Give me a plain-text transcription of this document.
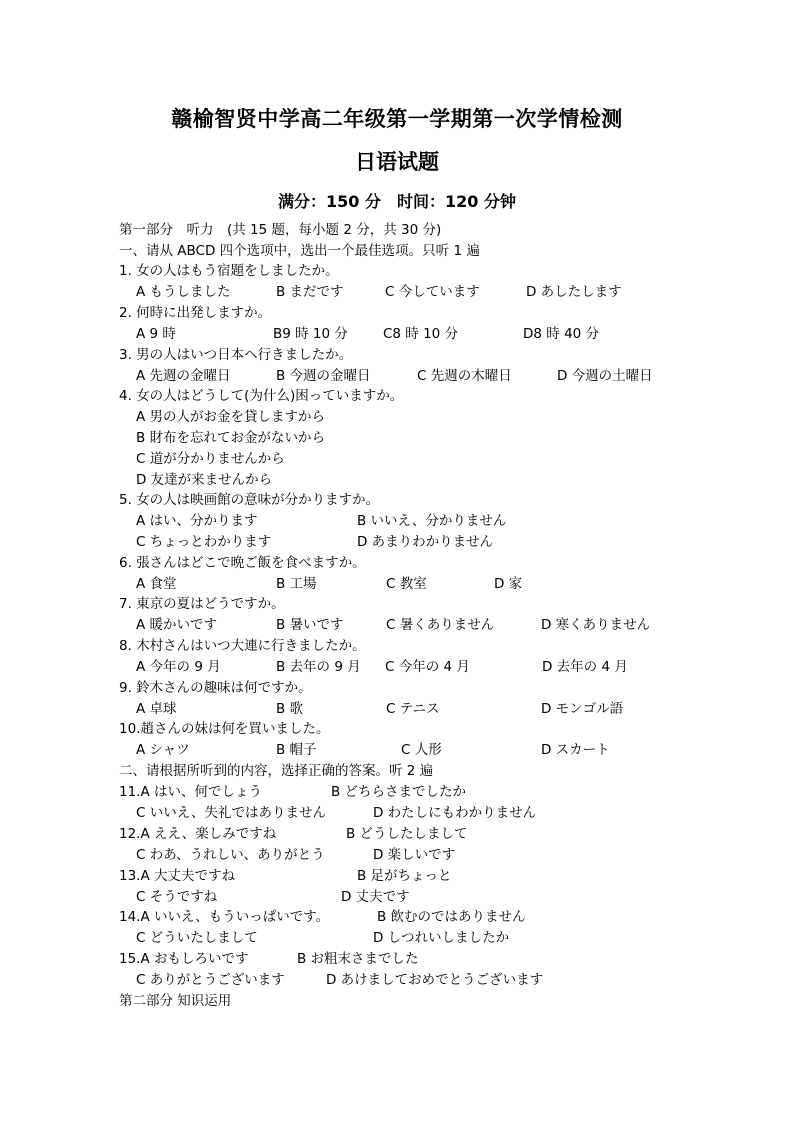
赣榆智贤中学高二年级第一学期第一次学情检测
日语试题
满分：150 分　时间：120 分钟
第一部分　听力　(共 15 题，每小题 2 分，共 30 分)
一、请从 ABCD 四个选项中，选出一个最佳选项。只听 1 遍
1. 女の人はもう宿題をしましたか。
A もうしました	B まだです	C 今しています	D あしたします
2. 何時に出発しますか。
A 9 時	B9 時 10 分	C8 時 10 分	D8 時 40 分
3. 男の人はいつ日本へ行きましたか。
A 先週の金曜日	B 今週の金曜日	C 先週の木曜日	D 今週の土曜日
4. 女の人はどうして(为什么)困っていますか。
A 男の人がお金を貸しますから
B 財布を忘れてお金がないから
C 道が分かりませんから
D 友達が来ませんから
5. 女の人は映画館の意味が分かりますか。
A はい、分かります	B いいえ、分かりません
C ちょっとわかります	D あまりわかりません
6. 張さんはどこで晩ご飯を食べますか。
A 食堂	B 工場	C 教室	D 家
7. 東京の夏はどうですか。
A 暖かいです	B 暑いです	C 暑くありません	D 寒くありません
8. 木村さんはいつ大連に行きましたか。
A 今年の 9 月	B 去年の 9 月 C 今年の 4 月	D 去年の 4 月
9. 鈴木さんの趣味は何ですか。
A 卓球	B 歌	C テニス	D モンゴル語
10.趙さんの妹は何を買いました。
A シャツ	B 帽子	C 人形	D スカート
二、请根据所听到的内容，选择正确的答案。听 2 遍
11.A はい、何でしょう	B どちらさまでしたか
C いいえ、失礼ではありません	D わたしにもわかりません
12.A ええ、楽しみですね	B どうしたしまして
C わあ、うれしい、ありがとう	D 楽しいです
13.A 大丈夫ですね	B 足がちょっと
C そうですね	D 丈夫です
14.A いいえ、もういっぱいです。	B 飲むのではありません
C どういたしまして	D しつれいしましたか
15.A おもしろいです	B お粗末さまでした
C ありがとうございます	D あけましておめでとうございます
第二部分 知识运用
